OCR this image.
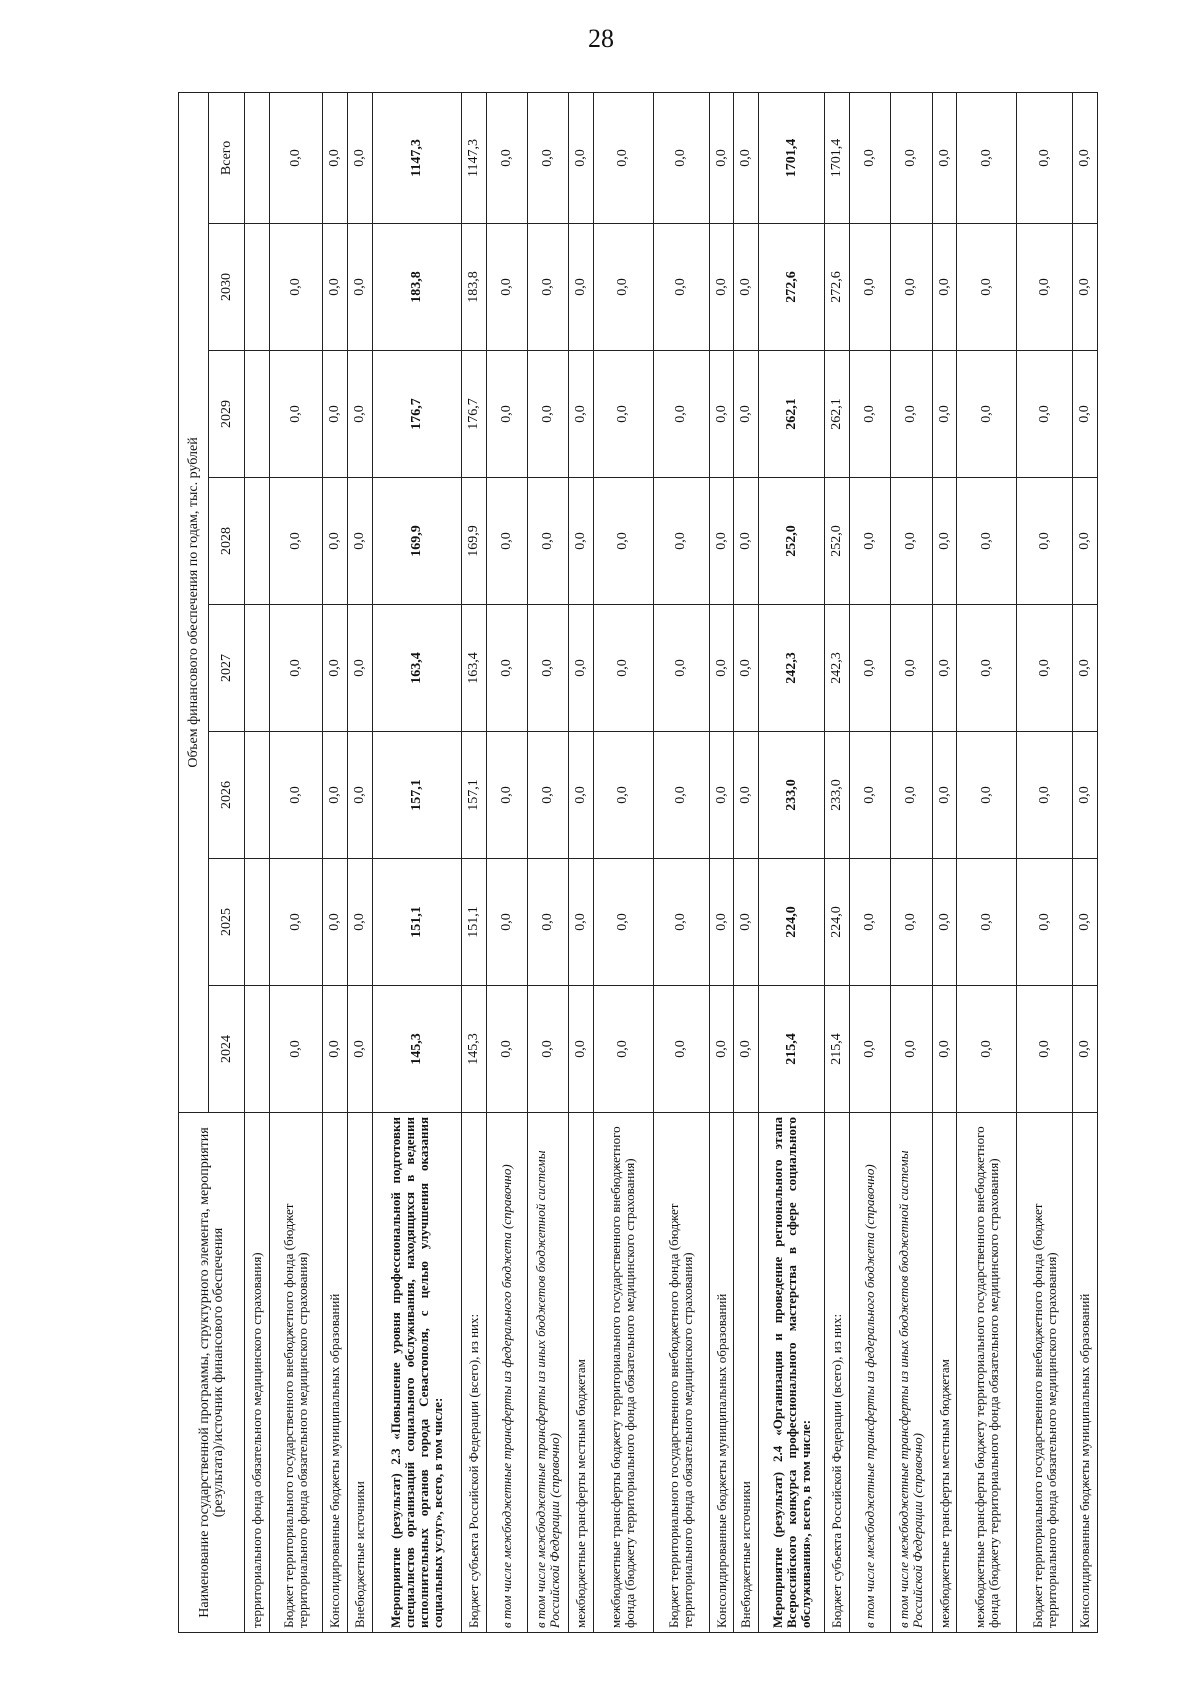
28
Наименование государственной программы, структурного элемента, мероприятия (результата)/источник финансового обеспечения	Объем финансового обеспечения по годам, тыс. рублей							
	2024	2025	2026	2027	2028	2029	2030	Всего
территориального фонда обязательного медицинского страхования)								
Бюджет территориального государственного внебюджетного фонда (бюджет территориального фонда обязательного медицинского страхования)	0,0	0,0	0,0	0,0	0,0	0,0	0,0	0,0
Консолидированные бюджеты муниципальных образований	0,0	0,0	0,0	0,0	0,0	0,0	0,0	0,0
Внебюджетные источники	0,0	0,0	0,0	0,0	0,0	0,0	0,0	0,0
Мероприятие (результат) 2.3 «Повышение уровня профессиональной подготовки специалистов организаций социального обслуживания, находящихся в ведении исполнительных органов города Севастополя, с целью улучшения оказания социальных услуг», всего, в том числе:	145,3	151,1	157,1	163,4	169,9	176,7	183,8	1147,3
Бюджет субъекта Российской Федерации (всего), из них:	145,3	151,1	157,1	163,4	169,9	176,7	183,8	1147,3
в том числе межбюджетные трансферты из федерального бюджета (справочно)	0,0	0,0	0,0	0,0	0,0	0,0	0,0	0,0
в том числе межбюджетные трансферты из иных бюджетов бюджетной системы Российской Федерации (справочно)	0,0	0,0	0,0	0,0	0,0	0,0	0,0	0,0
межбюджетные трансферты местным бюджетам	0,0	0,0	0,0	0,0	0,0	0,0	0,0	0,0
межбюджетные трансферты бюджету территориального государственного внебюджетного фонда (бюджету территориального фонда обязательного медицинского страхования)	0,0	0,0	0,0	0,0	0,0	0,0	0,0	0,0
Бюджет территориального государственного внебюджетного фонда (бюджет территориального фонда обязательного медицинского страхования)	0,0	0,0	0,0	0,0	0,0	0,0	0,0	0,0
Консолидированные бюджеты муниципальных образований	0,0	0,0	0,0	0,0	0,0	0,0	0,0	0,0
Внебюджетные источники	0,0	0,0	0,0	0,0	0,0	0,0	0,0	0,0
Мероприятие (результат) 2.4 «Организация и проведение регионального этапа Всероссийского конкурса профессионального мастерства в сфере социального обслуживания», всего, в том числе:	215,4	224,0	233,0	242,3	252,0	262,1	272,6	1701,4
Бюджет субъекта Российской Федерации (всего), из них:	215,4	224,0	233,0	242,3	252,0	262,1	272,6	1701,4
в том числе межбюджетные трансферты из федерального бюджета (справочно)	0,0	0,0	0,0	0,0	0,0	0,0	0,0	0,0
в том числе межбюджетные трансферты из иных бюджетов бюджетной системы Российской Федерации (справочно)	0,0	0,0	0,0	0,0	0,0	0,0	0,0	0,0
межбюджетные трансферты местным бюджетам	0,0	0,0	0,0	0,0	0,0	0,0	0,0	0,0
межбюджетные трансферты бюджету территориального государственного внебюджетного фонда (бюджету территориального фонда обязательного медицинского страхования)	0,0	0,0	0,0	0,0	0,0	0,0	0,0	0,0
Бюджет территориального государственного внебюджетного фонда (бюджет территориального фонда обязательного медицинского страхования)	0,0	0,0	0,0	0,0	0,0	0,0	0,0	0,0
Консолидированные бюджеты муниципальных образований	0,0	0,0	0,0	0,0	0,0	0,0	0,0	0,0
